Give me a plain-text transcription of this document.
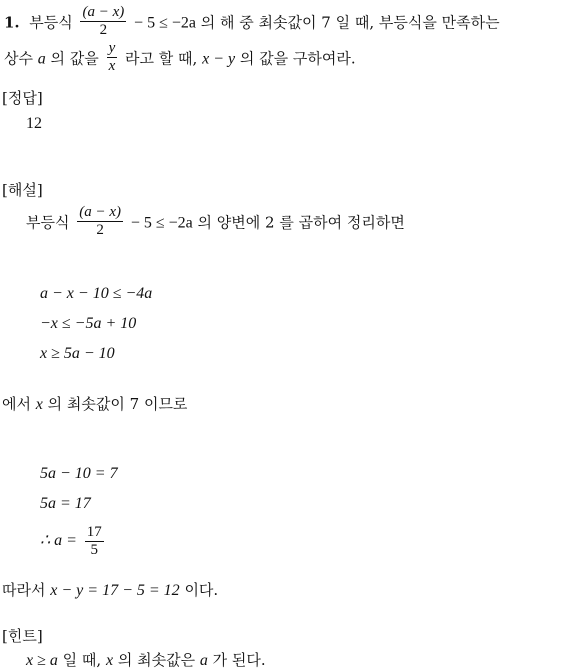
1. 부등식 $\frac{(a - x)}{2} - 5 \le -2a$ 의 해 중 최솟값이 7 일 때, 부등식을 만족하는
상수 a 의 값을 $\frac{y}{x}$ 라고 할 때, x − y 의 값을 구하여라.
[정답]
12
[해설]
부등식 $\frac{(a - x)}{2} - 5 \le -2a$ 의 양변에 2 를 곱하여 정리하면
a − x − 10 ≤ −4a
−x ≤ −5a + 10
x ≥ 5a − 10
에서 x 의 최솟값이 7 이므로
5a − 10 = 7
5a = 17
∴ $a = \frac{17}{5}$
따라서 x − y = 17 − 5 = 12 이다.
[힌트]
x ≥ a 일 때, x 의 최솟값은 a 가 된다.
